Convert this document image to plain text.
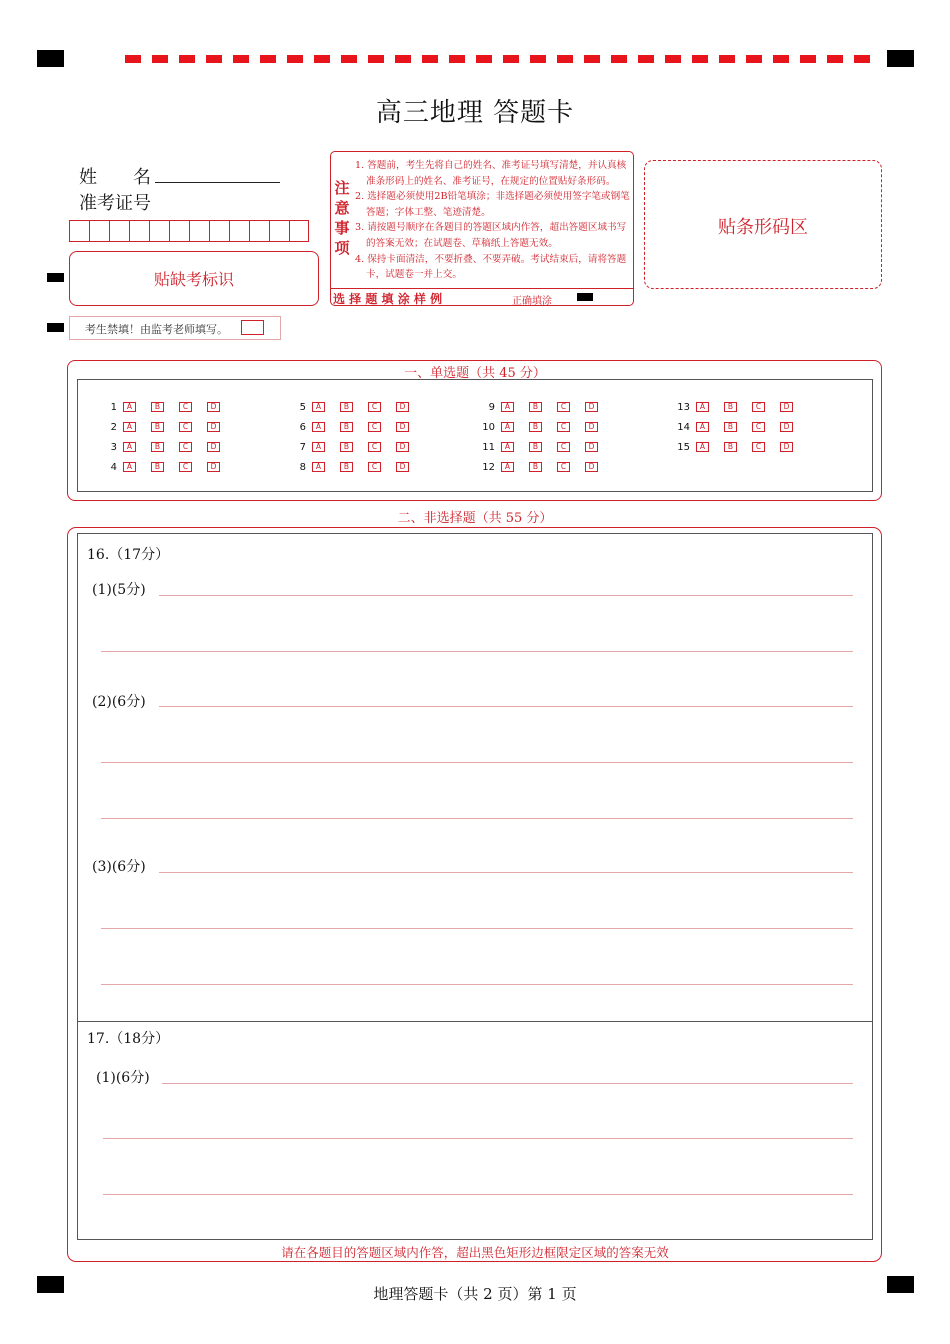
高三地理 答题卡
姓　　名
准考证号
贴缺考标识
考生禁填！由监考老师填写。
注
意
事
项

1. 答题前，考生先将自己的姓名、准考证号填写清楚，并认真核准条形码上的姓名、准考证号，在规定的位置贴好条形码。

2. 选择题必须使用2B铅笔填涂；非选择题必须使用签字笔或钢笔答题；字体工整、笔迹清楚。

3. 请按题号顺序在各题目的答题区域内作答，超出答题区域书写的答案无效；在试题卷、草稿纸上答题无效。

4. 保持卡面清洁，不要折叠、不要弄破。考试结束后，请将答题卡，试题卷一并上交。

选 择 题 填 涂 样 例	正确填涂
贴条形码区
一、单选题（共 45 分）
1	A	B	C	D
2	A	B	C	D
3	A	B	C	D
4	A	B	C	D
5	A	B	C	D
6	A	B	C	D
7	A	B	C	D
8	A	B	C	D
9	A	B	C	D
10	A	B	C	D
11	A	B	C	D
12	A	B	C	D
13	A	B	C	D
14	A	B	C	D
15	A	B	C	D
二、非选择题（共 55 分）
16.（17分）
(1)(5分)
(2)(6分)
(3)(6分)
17.（18分）
(1)(6分)
请在各题目的答题区域内作答，超出黑色矩形边框限定区域的答案无效
地理答题卡（共 2 页）第 1 页
